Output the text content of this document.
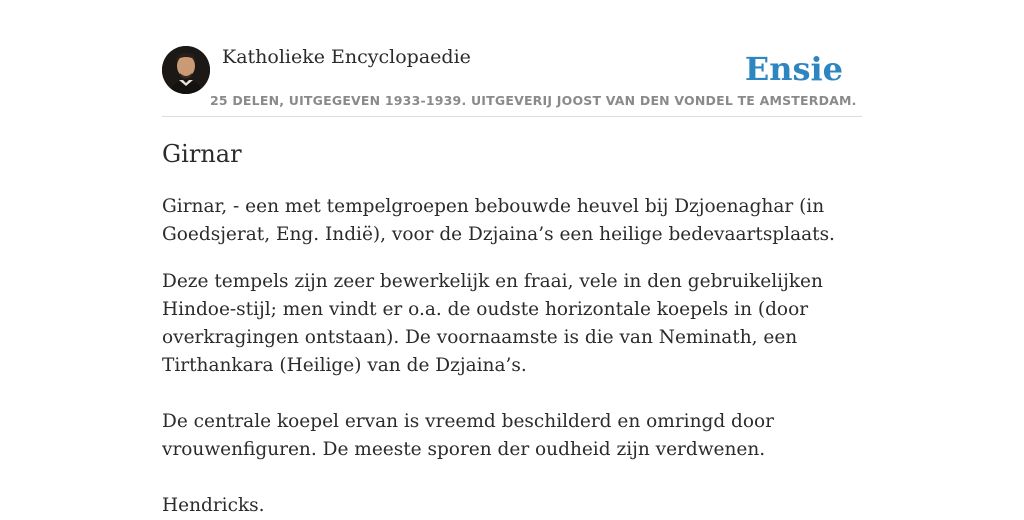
Katholieke Encyclopaedie	Ensie
25 DELEN, UITGEGEVEN 1933-1939. UITGEVERIJ JOOST VAN DEN VONDEL TE AMSTERDAM.
Girnar

Girnar, - een met tempelgroepen bebouwde heuvel bij Dzjoenaghar (in Goedsjerat, Eng. Indië), voor de Dzjaina’s een heilige bedevaartsplaats.

Deze tempels zijn zeer bewerkelijk en fraai, vele in den gebruikelijken Hindoe-stijl; men vindt er o.a. de oudste horizontale koepels in (door overkragingen ontstaan). De voornaamste is die van Neminath, een Tirthankara (Heilige) van de Dzjaina’s.

De centrale koepel ervan is vreemd beschilderd en omringd door vrouwenfiguren. De meeste sporen der oudheid zijn verdwenen.

Hendricks.
